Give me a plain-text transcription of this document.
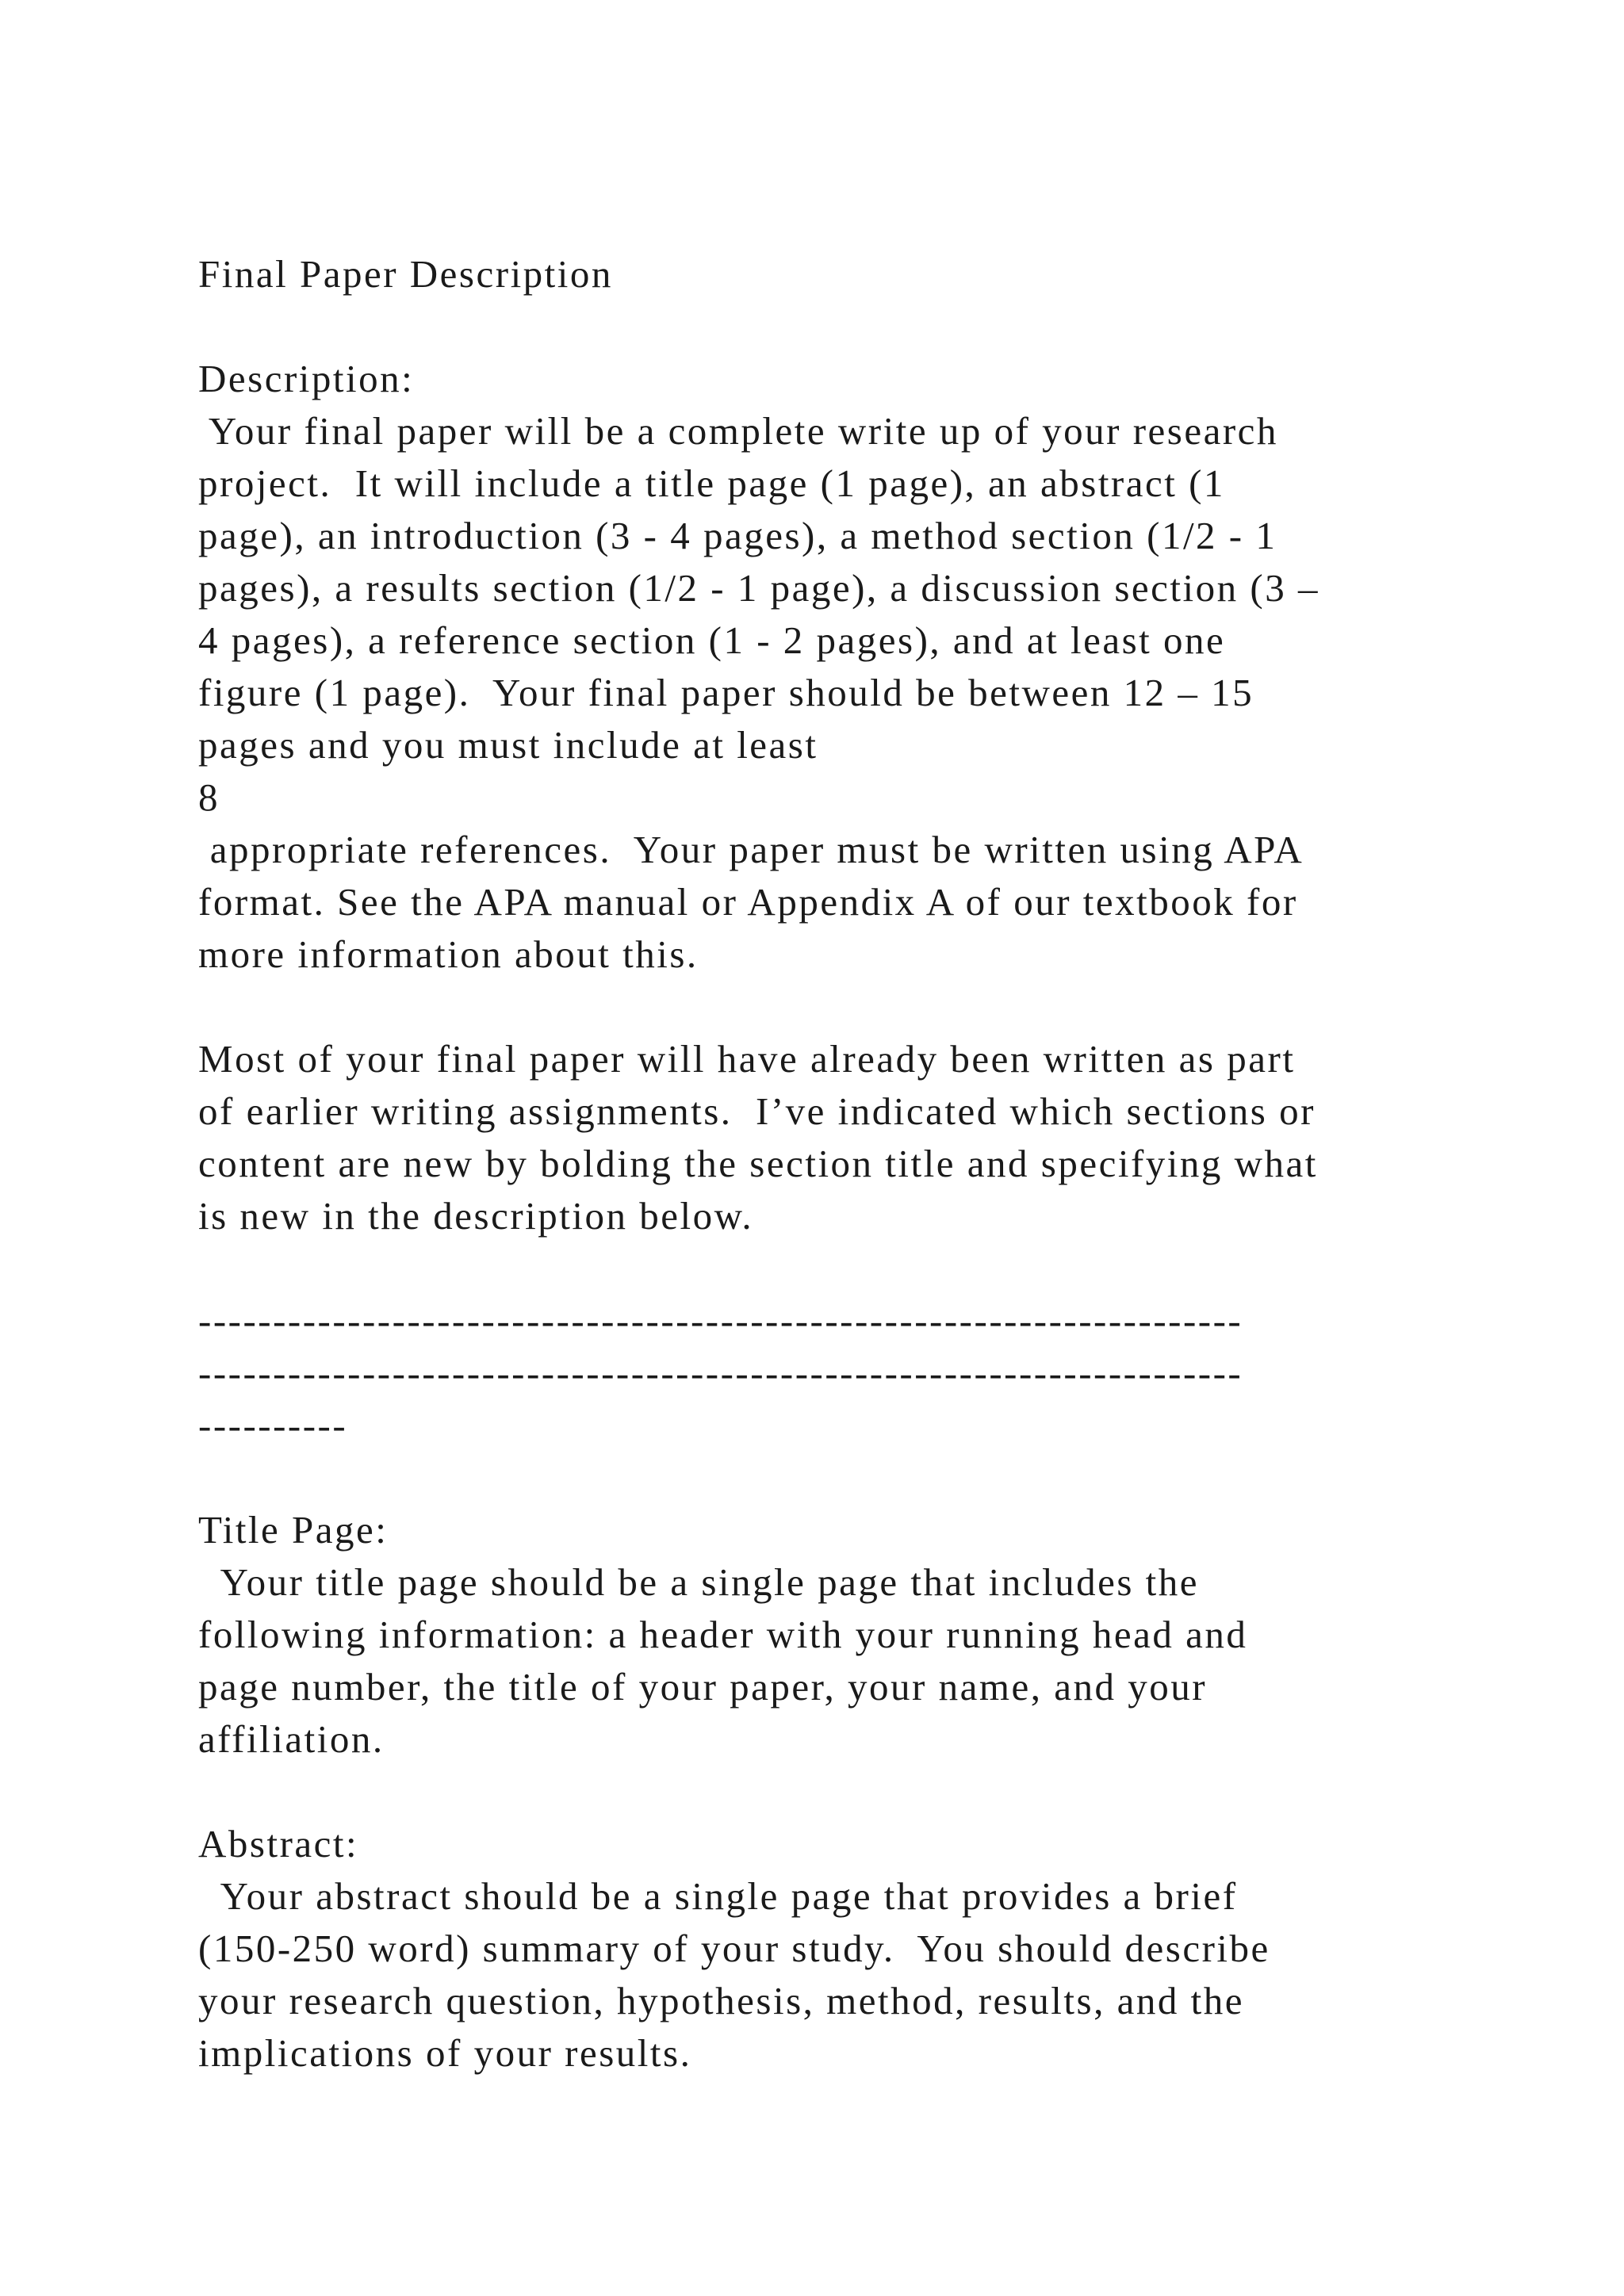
Final Paper Description
Description:
Your final paper will be a complete write up of your research
project.  It will include a title page (1 page), an abstract (1
page), an introduction (3 - 4 pages), a method section (1/2 - 1
pages), a results section (1/2 - 1 page), a discussion section (3 –
4 pages), a reference section (1 - 2 pages), and at least one
figure (1 page).  Your final paper should be between 12 – 15
pages and you must include at least
8
appropriate references.  Your paper must be written using APA
format. See the APA manual or Appendix A of our textbook for
more information about this.
Most of your final paper will have already been written as part
of earlier writing assignments.  I’ve indicated which sections or
content are new by bolding the section title and specifying what
is new in the description below.
----------------------------------------------------------------------
----------------------------------------------------------------------
----------
Title Page:
Your title page should be a single page that includes the
following information: a header with your running head and
page number, the title of your paper, your name, and your
affiliation.
Abstract:
Your abstract should be a single page that provides a brief
(150-250 word) summary of your study.  You should describe
your research question, hypothesis, method, results, and the
implications of your results.
